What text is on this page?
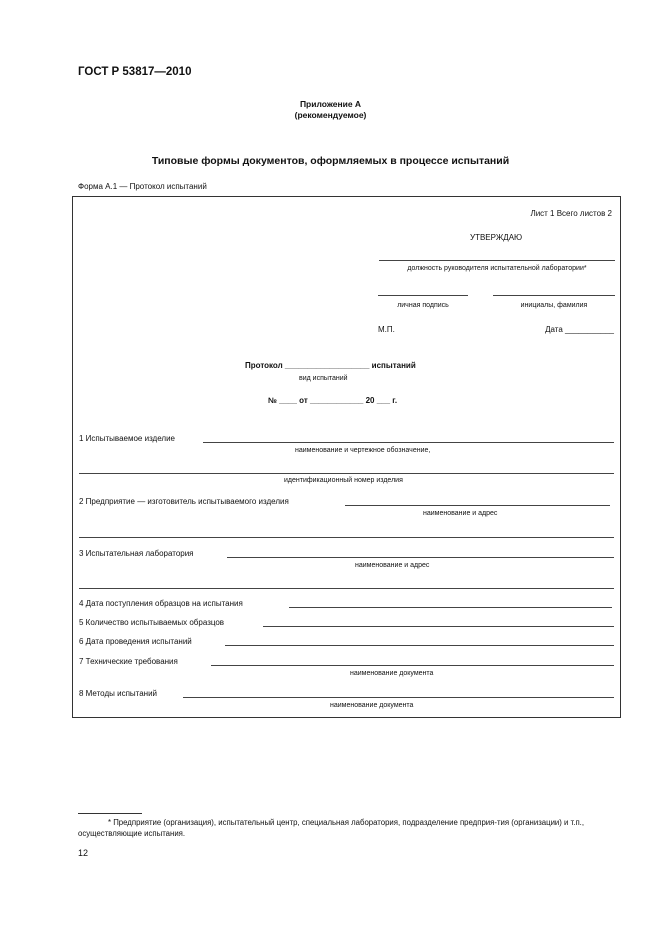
ГОСТ Р 53817—2010
Приложение А
(рекомендуемое)
Типовые формы документов, оформляемых в процессе испытаний
Форма А.1 — Протокол испытаний
Лист 1 Всего листов 2
УТВЕРЖДАЮ
должность руководителя испытательной лаборатории*
личная подпись	инициалы, фамилия
М.П.	Дата ___________
Протокол ___________________ испытаний
вид испытаний
№ ____ от ____________ 20 ___ г.
1 Испытываемое изделие
наименование и чертежное обозначение,
идентификационный номер изделия
2 Предприятие — изготовитель испытываемого изделия
наименование и адрес
3 Испытательная лаборатория
наименование и адрес
4 Дата поступления образцов на испытания
5 Количество испытываемых образцов
6 Дата проведения испытаний
7 Технические требования
наименование документа
8 Методы испытаний
наименование документа
* Предприятие (организация), испытательный центр, специальная лаборатория, подразделение предприя-тия (организации) и т.п., осуществляющие испытания.
12
